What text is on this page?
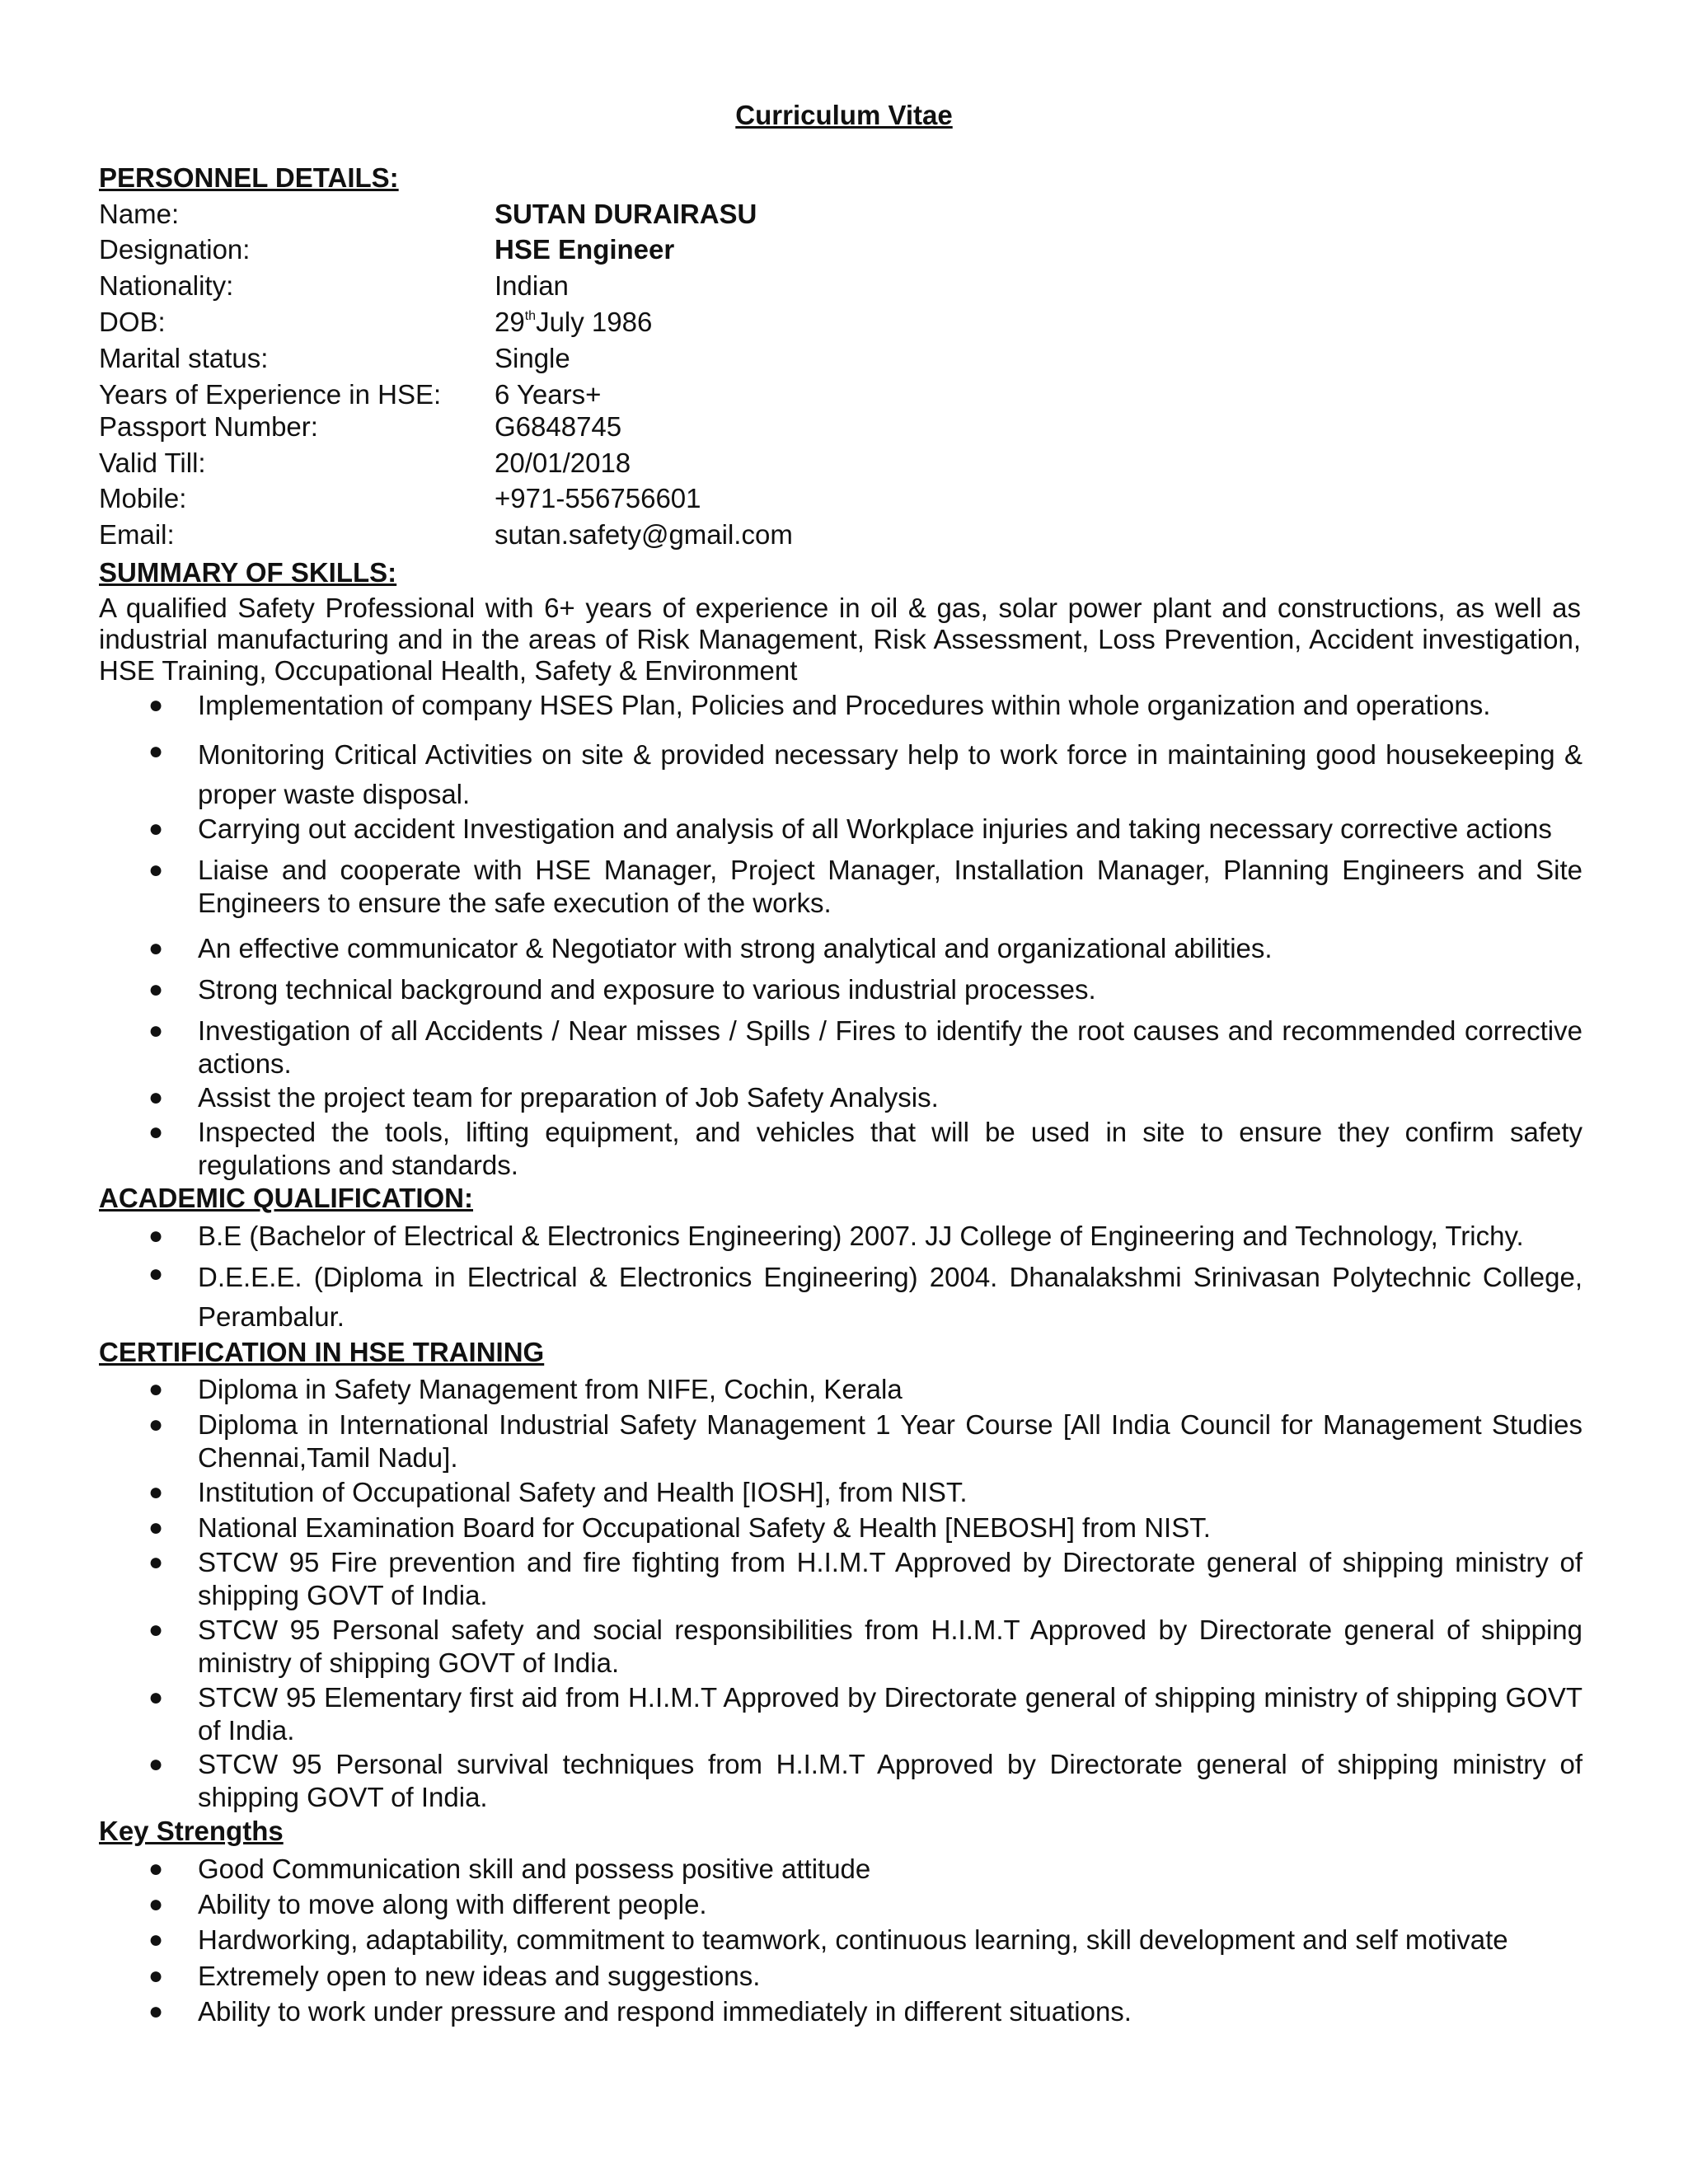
Curriculum Vitae
PERSONNEL DETAILS:
Name:	SUTAN DURAIRASU
Designation:	HSE Engineer
Nationality:	Indian
DOB:	29thJuly 1986
Marital status:	Single
Years of Experience in HSE: 6 Years+
Passport Number:	G6848745
Valid Till:	20/01/2018
Mobile:	+971-556756601
Email:	sutan.safety@gmail.com
SUMMARY OF SKILLS:
A qualified Safety Professional with 6+ years of experience in oil & gas, solar power plant and constructions, as well as industrial manufacturing and in the areas of Risk Management, Risk Assessment, Loss Prevention, Accident investigation, HSE Training, Occupational Health, Safety & Environment
● Implementation of company HSES Plan, Policies and Procedures within whole organization and operations.
● Monitoring Critical Activities on site & provided necessary help to work force in maintaining good housekeeping & proper waste disposal.
● Carrying out accident Investigation and analysis of all Workplace injuries and taking necessary corrective actions
● Liaise and cooperate with HSE Manager, Project Manager, Installation Manager, Planning Engineers and Site Engineers to ensure the safe execution of the works.
● An effective communicator & Negotiator with strong analytical and organizational abilities.
● Strong technical background and exposure to various industrial processes.
● Investigation of all Accidents / Near misses / Spills / Fires to identify the root causes and recommended corrective actions.
● Assist the project team for preparation of Job Safety Analysis.
● Inspected the tools, lifting equipment, and vehicles that will be used in site to ensure they confirm safety regulations and standards.
ACADEMIC QUALIFICATION:
● B.E (Bachelor of Electrical & Electronics Engineering) 2007. JJ College of Engineering and Technology, Trichy.
● D.E.E.E. (Diploma in Electrical & Electronics Engineering) 2004. Dhanalakshmi Srinivasan Polytechnic College, Perambalur.
CERTIFICATION IN HSE TRAINING
● Diploma in Safety Management from NIFE, Cochin, Kerala
● Diploma in International Industrial Safety Management 1 Year Course [All India Council for Management Studies Chennai,Tamil Nadu].
● Institution of Occupational Safety and Health [IOSH], from NIST.
● National Examination Board for Occupational Safety & Health [NEBOSH] from NIST.
● STCW 95 Fire prevention and fire fighting from H.I.M.T Approved by Directorate general of shipping ministry of shipping GOVT of India.
● STCW 95 Personal safety and social responsibilities from H.I.M.T Approved by Directorate general of shipping ministry of shipping GOVT of India.
● STCW 95 Elementary first aid from H.I.M.T Approved by Directorate general of shipping ministry of shipping GOVT of India.
● STCW 95 Personal survival techniques from H.I.M.T Approved by Directorate general of shipping ministry of shipping GOVT of India.
Key Strengths
● Good Communication skill and possess positive attitude
● Ability to move along with different people.
● Hardworking, adaptability, commitment to teamwork, continuous learning, skill development and self motivate
● Extremely open to new ideas and suggestions.
● Ability to work under pressure and respond immediately in different situations.
